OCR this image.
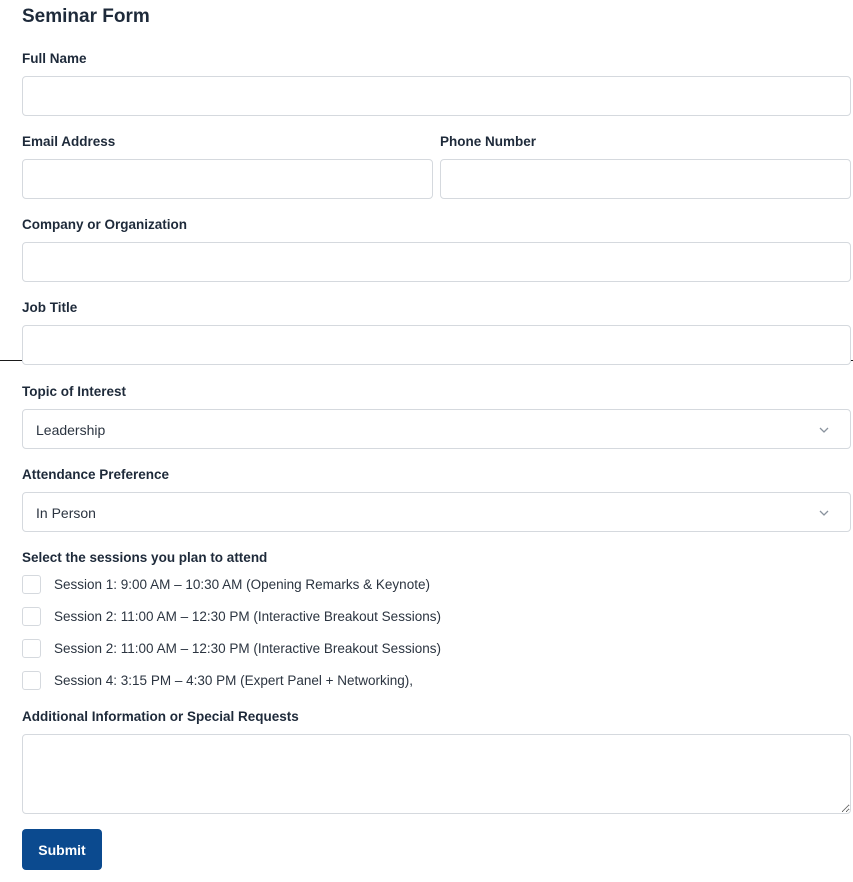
Seminar Form
Full Name
Email Address	Phone Number
Company or Organization
Job Title
Topic of Interest
Leadership
Attendance Preference
In Person
Select the sessions you plan to attend
Session 1: 9:00 AM – 10:30 AM (Opening Remarks & Keynote)
Session 2: 11:00 AM – 12:30 PM (Interactive Breakout Sessions)
Session 2: 11:00 AM – 12:30 PM (Interactive Breakout Sessions)
Session 4: 3:15 PM – 4:30 PM (Expert Panel + Networking),
Additional Information or Special Requests
Submit
